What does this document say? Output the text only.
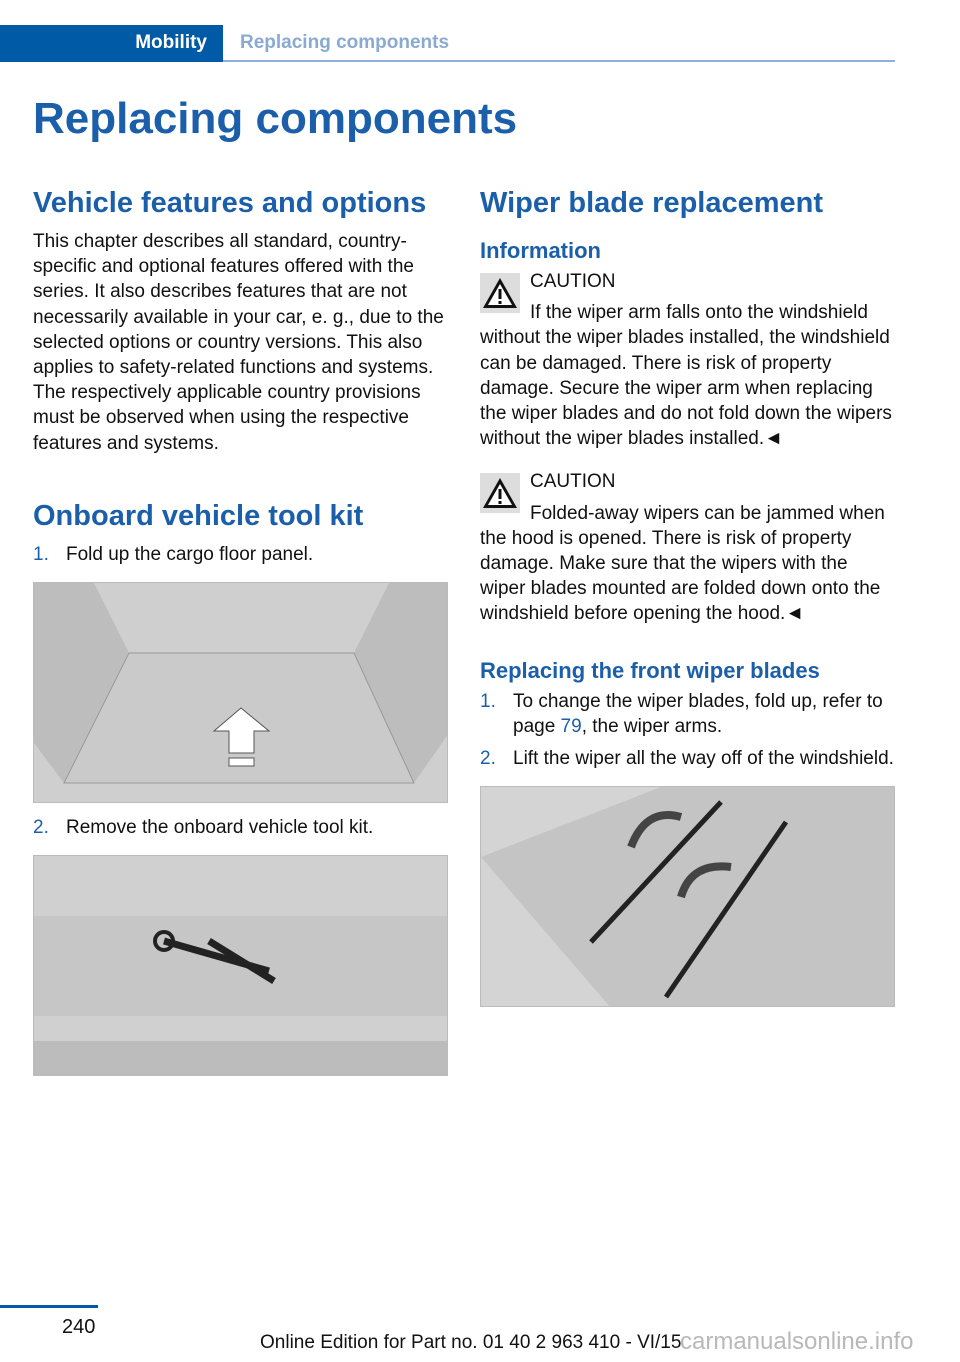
Mobility	Replacing components
Replacing components
Vehicle features and options

This chapter describes all standard, country-specific and optional features offered with the series. It also describes features that are not necessarily available in your car, e. g., due to the selected options or country versions. This also applies to safety-related functions and systems. The respectively applicable country provisions must be observed when using the respective features and systems.

Onboard vehicle tool kit
1. Fold up the cargo floor panel.
2. Remove the onboard vehicle tool kit.
Wiper blade replacement
Information
CAUTION
If the wiper arm falls onto the windshield without the wiper blades installed, the windshield can be damaged. There is risk of property damage. Secure the wiper arm when replacing the wiper blades and do not fold down the wipers without the wiper blades installed.◄
CAUTION
Folded-away wipers can be jammed when the hood is opened. There is risk of property damage. Make sure that the wipers with the wiper blades mounted are folded down onto the windshield before opening the hood.◄
Replacing the front wiper blades
1. To change the wiper blades, fold up, refer to page 79, the wiper arms.
2. Lift the wiper all the way off of the windshield.
240
Online Edition for Part no. 01 40 2 963 410 - VI/15
carmanualsonline.info
